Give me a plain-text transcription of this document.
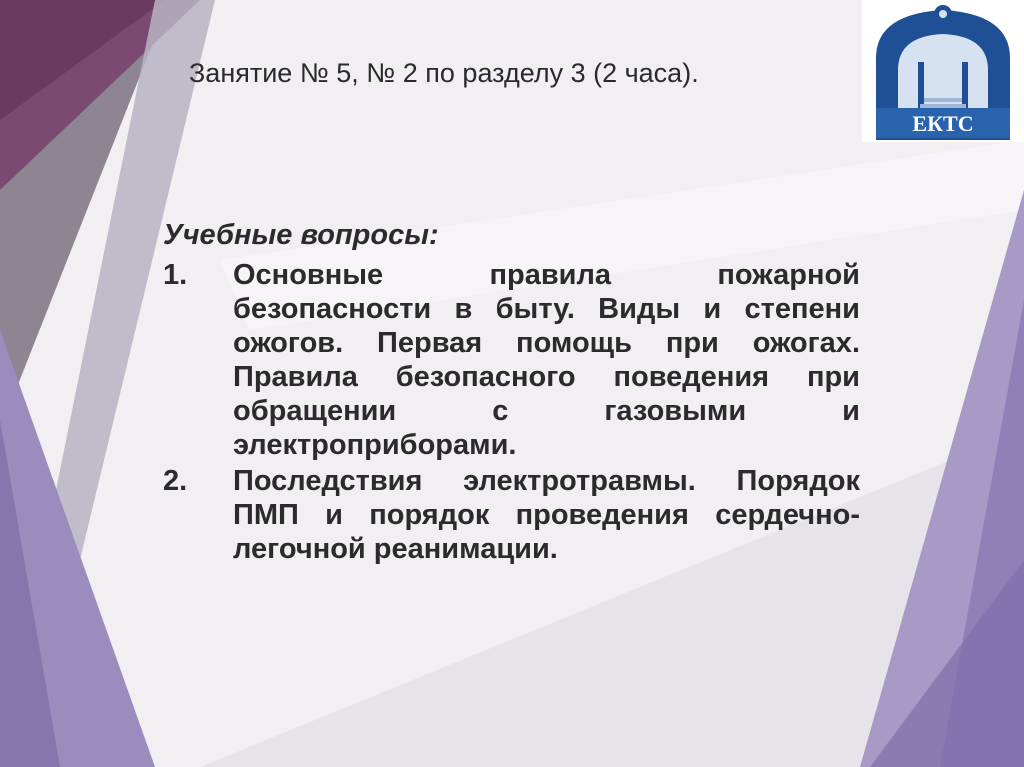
Занятие № 5, № 2 по разделу 3 (2 часа).
ЕКТС

Учебные вопросы:

1.	Основные правила пожарной безопасности в быту. Виды и степени ожогов. Первая помощь при ожогах. Правила безопасного поведения при обращении с газовыми и электроприборами.
2.	Последствия электротравмы. Порядок ПМП и порядок проведения сердечно-легочной реанимации.
